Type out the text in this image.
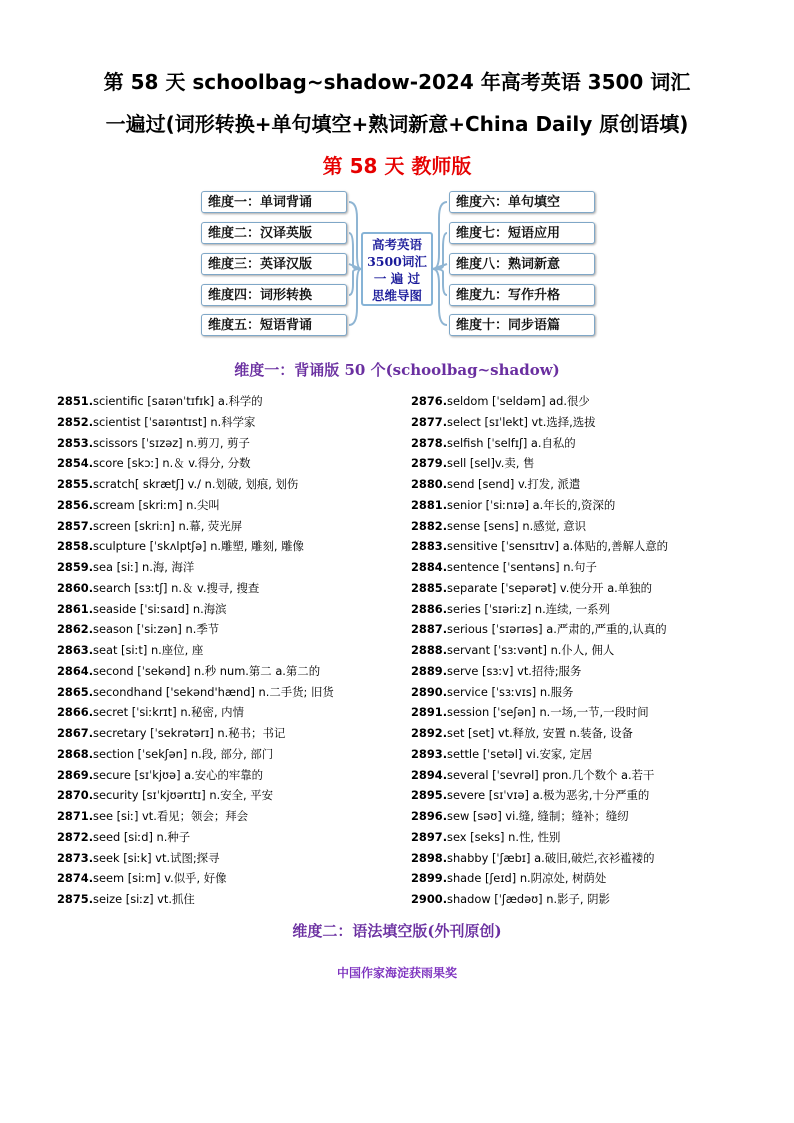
第 58 天 schoolbag~shadow-2024 年高考英语 3500 词汇
一遍过(词形转换+单句填空+熟词新意+China Daily 原创语填)
第 58 天 教师版
维度一：单词背诵
维度二：汉译英版
维度三：英译汉版
维度四：词形转换
维度五：短语背诵
维度六：单句填空
维度七：短语应用
维度八：熟词新意
维度九：写作升格
维度十：同步语篇
高考英语
3500词汇
一 遍 过
思维导图
维度一：背诵版 50 个(schoolbag~shadow)
2851.scientific [saɪənˈtɪfɪk] a.科学的
2852.scientist [ˈsaɪəntɪst] n.科学家
2853.scissors [ˈsɪzəz] n.剪刀, 剪子
2854.score [skɔː] n.＆ v.得分, 分数
2855.scratch[ skrætʃ] v./ n.划破, 划痕, 划伤
2856.scream [skriːm] n.尖叫
2857.screen [skriːn] n.幕, 荧光屏
2858.sculpture [ˈskʌlptʃə] n.雕塑, 雕刻, 雕像
2859.sea [siː] n.海, 海洋
2860.search [sɜːtʃ] n.＆ v.搜寻, 搜查
2861.seaside [ˈsiːsaɪd] n.海滨
2862.season [ˈsiːzən] n.季节
2863.seat [siːt] n.座位, 座
2864.second [ˈsekənd] n.秒 num.第二 a.第二的
2865.secondhand ['sekənd'hænd] n.二手货; 旧货
2866.secret [ˈsiːkrɪt] n.秘密, 内情
2867.secretary [ˈsekrətərɪ] n.秘书；书记
2868.section [ˈsekʃən] n.段, 部分, 部门
2869.secure [sɪˈkjʊə] a.安心的牢靠的
2870.security [sɪˈkjʊərɪtɪ] n.安全, 平安
2871.see [siː] vt.看见；领会；拜会
2872.seed [siːd] n.种子
2873.seek [siːk] vt.试图;探寻
2874.seem [siːm] v.似乎, 好像
2875.seize [siːz] vt.抓住
2876.seldom [ˈseldəm] ad.很少
2877.select [sɪˈlekt] vt.选择,选拔
2878.selfish [ˈselfɪʃ] a.自私的
2879.sell [sel]v.卖, 售
2880.send [send] v.打发, 派遣
2881.senior [ˈsiːnɪə] a.年长的,资深的
2882.sense [sens] n.感觉, 意识
2883.sensitive [ˈsensɪtɪv] a.体贴的,善解人意的
2884.sentence [ˈsentəns] n.句子
2885.separate [ˈsepərət] v.使分开 a.单独的
2886.series [ˈsɪəriːz] n.连续, 一系列
2887.serious [ˈsɪərɪəs] a.严肃的,严重的,认真的
2888.servant [ˈsɜːvənt] n.仆人, 佣人
2889.serve [sɜːv] vt.招待;服务
2890.service [ˈsɜːvɪs] n.服务
2891.session [ˈseʃən] n.一场,一节,一段时间
2892.set [set] vt.释放, 安置 n.装备, 设备
2893.settle [ˈsetəl] vi.安家, 定居
2894.several [ˈsevrəl] pron.几个数个 a.若干
2895.severe [sɪˈvɪə] a.极为恶劣,十分严重的
2896.sew [səʊ] vi.缝, 缝制；缝补；缝纫
2897.sex [seks] n.性, 性别
2898.shabby [ˈʃæbɪ] a.破旧,破烂,衣衫褴褛的
2899.shade [ʃeɪd] n.阴凉处, 树荫处
2900.shadow [ˈʃædəʊ] n.影子, 阴影
维度二：语法填空版(外刊原创)
中国作家海淀获雨果奖
